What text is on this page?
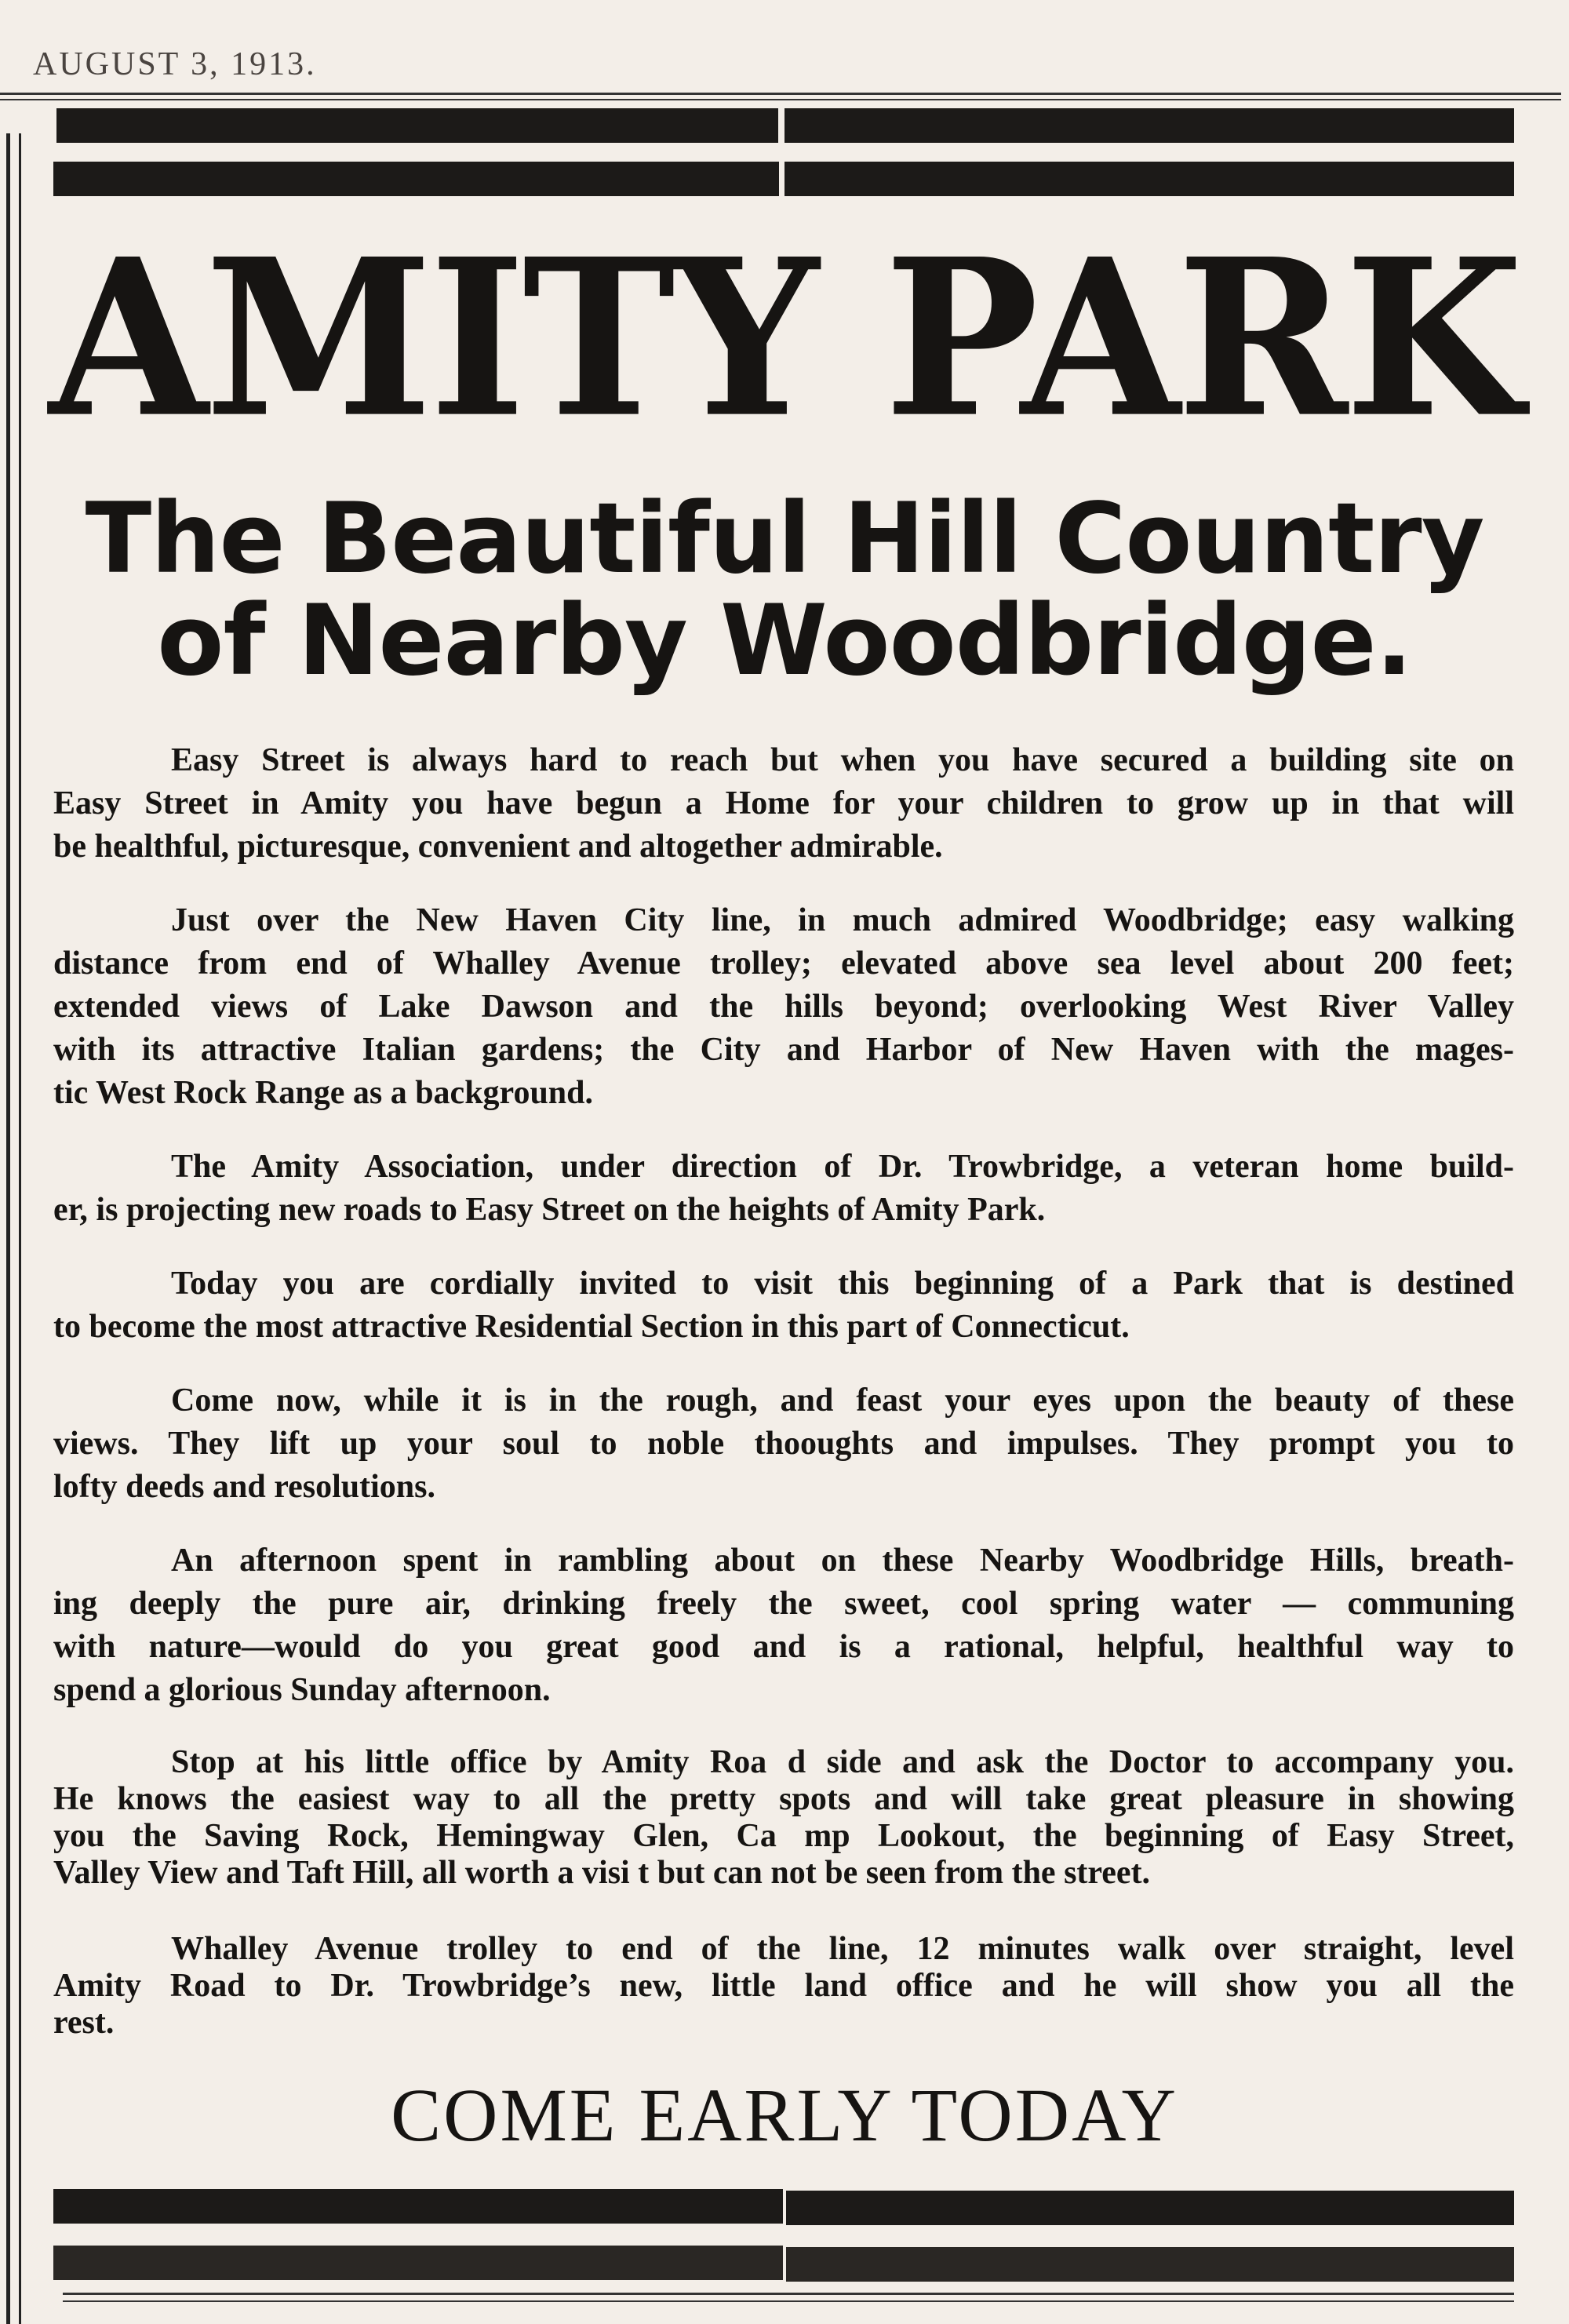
AUGUST 3, 1913.
AMITY PARK
The Beautiful Hill Country
of Nearby Woodbridge.
Easy Street is always hard to reach but when you have secured a building site on
Easy Street in Amity you have begun a Home for your children to grow up in that will
be healthful, picturesque, convenient and altogether admirable.
Just over the New Haven City line, in much admired Woodbridge; easy walking
distance from end of Whalley Avenue trolley; elevated above sea level about 200 feet;
extended views of Lake Dawson and the hills beyond; overlooking West River Valley
with its attractive Italian gardens; the City and Harbor of New Haven with the mages-
tic West Rock Range as a background.
The Amity Association, under direction of Dr. Trowbridge, a veteran home build-
er, is projecting new roads to Easy Street on the heights of Amity Park.
Today you are cordially invited to visit this beginning of a Park that is destined
to become the most attractive Residential Section in this part of Connecticut.
Come now, while it is in the rough, and feast your eyes upon the beauty of these
views. They lift up your soul to noble thooughts and impulses. They prompt you to
lofty deeds and resolutions.
An afternoon spent in rambling about on these Nearby Woodbridge Hills, breath-
ing deeply the pure air, drinking freely the sweet, cool spring water — communing
with nature—would do you great good and is a rational, helpful, healthful way to
spend a glorious Sunday afternoon.
Stop at his little office by Amity Roa d side and ask the Doctor to accompany you.
He knows the easiest way to all the pretty spots and will take great pleasure in showing
you the Saving Rock, Hemingway Glen, Ca mp Lookout, the beginning of Easy Street,
Valley View and Taft Hill, all worth a visi t but can not be seen from the street.
Whalley Avenue trolley to end of the line, 12 minutes walk over straight, level
Amity Road to Dr. Trowbridge’s new, little land office and he will show you all the
rest.
COME EARLY TODAY
